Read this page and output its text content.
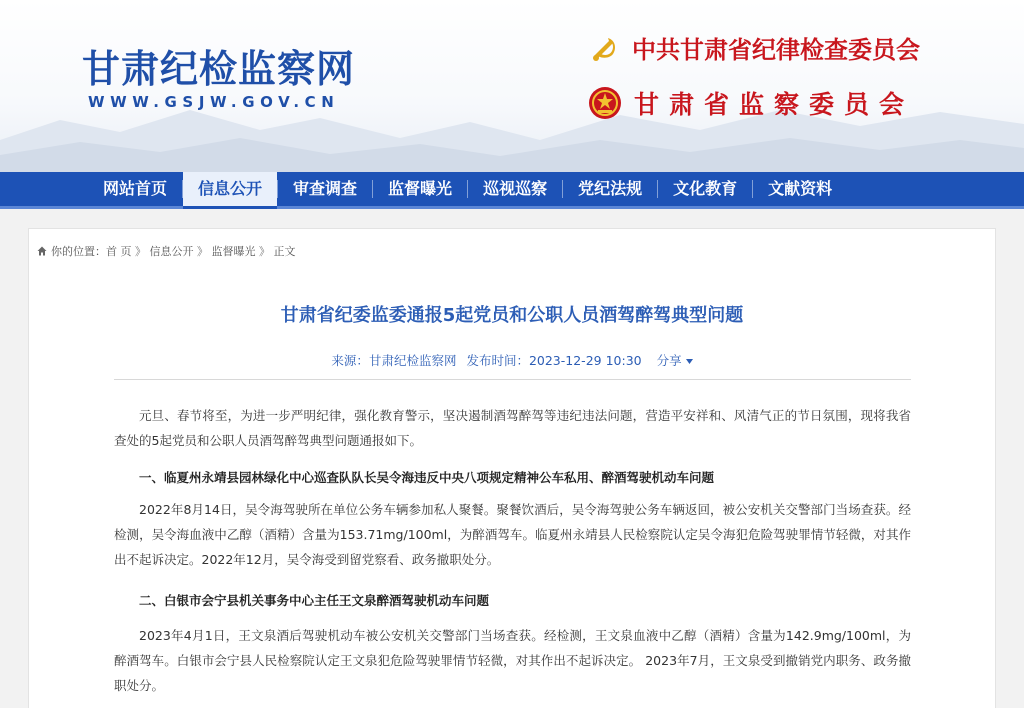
甘肃纪检监察网
WWW.GSJW.GOV.CN
中共甘肃省纪律检查委员会
甘肃省监察委员会
网站首页	信息公开	审查调查	监督曝光	巡视巡察	党纪法规	文化教育	文献资料
你的位置： 首 页 》
信息公开 》
监督曝光 》
正文
甘肃省纪委监委通报5起党员和公职人员酒驾醉驾典型问题
来源：甘肃纪检监察网 发布时间：2023-12-29 10:30 分享

元旦、春节将至，为进一步严明纪律，强化教育警示，坚决遏制酒驾醉驾等违纪违法问题，营造平安祥和、风清气正的节日氛围，现将我省查处的5起党员和公职人员酒驾醉驾典型问题通报如下。

一、临夏州永靖县园林绿化中心巡查队队长吴令海违反中央八项规定精神公车私用、醉酒驾驶机动车问题

2022年8月14日，吴令海驾驶所在单位公务车辆参加私人聚餐。聚餐饮酒后，吴令海驾驶公务车辆返回，被公安机关交警部门当场查获。经检测，吴令海血液中乙醇（酒精）含量为153.71mg/100ml，为醉酒驾车。临夏州永靖县人民检察院认定吴令海犯危险驾驶罪情节轻微，对其作出不起诉决定。2022年12月，吴令海受到留党察看、政务撤职处分。

二、白银市会宁县机关事务中心主任王文泉醉酒驾驶机动车问题

2023年4月1日，王文泉酒后驾驶机动车被公安机关交警部门当场查获。经检测，王文泉血液中乙醇（酒精）含量为142.9mg/100ml，为醉酒驾车。白银市会宁县人民检察院认定王文泉犯危险驾驶罪情节轻微，对其作出不起诉决定。 2023年7月，王文泉受到撤销党内职务、政务撤职处分。
